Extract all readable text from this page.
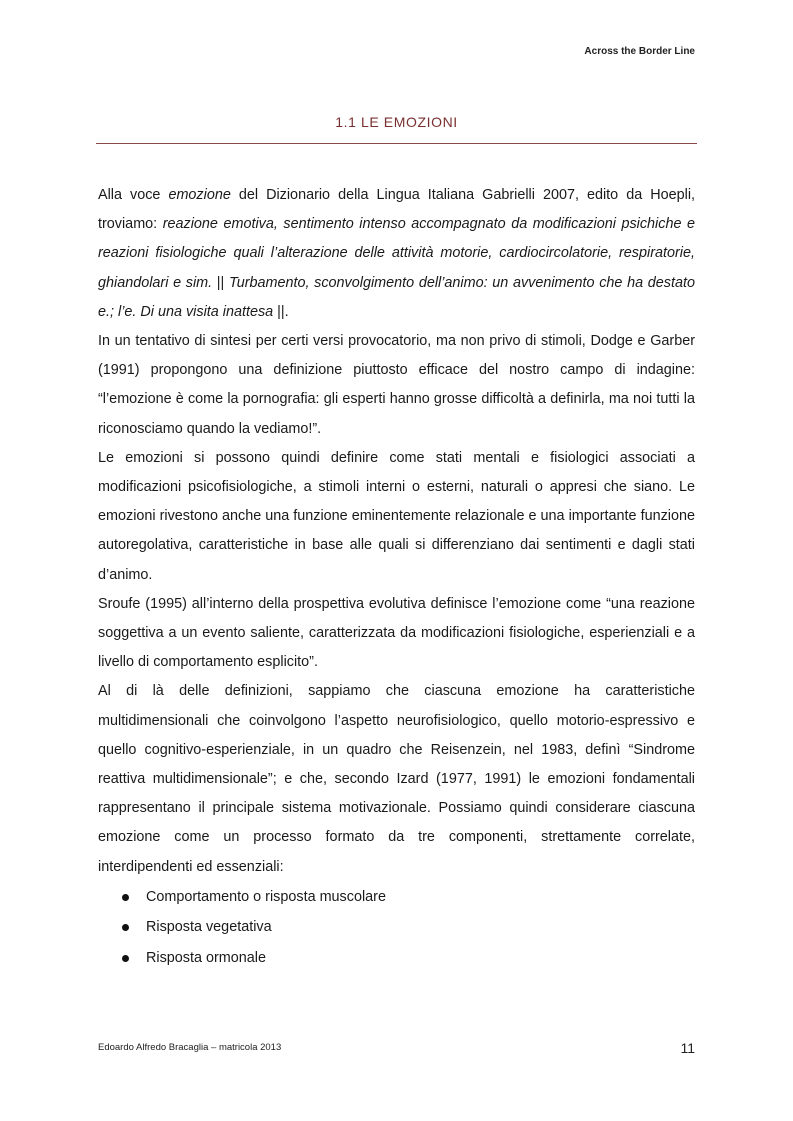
Across the Border Line
1.1 LE EMOZIONI

Alla voce emozione del Dizionario della Lingua Italiana Gabrielli 2007, edito da Hoepli, troviamo: reazione emotiva, sentimento intenso accompagnato da modificazioni psichiche e reazioni fisiologiche quali l’alterazione delle attività motorie, cardiocircolatorie, respiratorie, ghiandolari e sim. || Turbamento, sconvolgimento dell’animo: un avvenimento che ha destato e.; l’e. Di una visita inattesa ||.

In un tentativo di sintesi per certi versi provocatorio, ma non privo di stimoli, Dodge e Garber (1991) propongono una definizione piuttosto efficace del nostro campo di indagine: “l’emozione è come la pornografia: gli esperti hanno grosse difficoltà a definirla, ma noi tutti la riconosciamo quando la vediamo!”.

Le emozioni si possono quindi definire come stati mentali e fisiologici associati a modificazioni psicofisiologiche, a stimoli interni o esterni, naturali o appresi che siano. Le emozioni rivestono anche una funzione eminentemente relazionale e una importante funzione autoregolativa, caratteristiche in base alle quali si differenziano dai sentimenti e dagli stati d’animo.

Sroufe (1995) all’interno della prospettiva evolutiva definisce l’emozione come “una reazione soggettiva a un evento saliente, caratterizzata da modificazioni fisiologiche, esperienziali e a livello di comportamento esplicito”.

Al di là delle definizioni, sappiamo che ciascuna emozione ha caratteristiche multidimensionali che coinvolgono l’aspetto neurofisiologico, quello motorio-espressivo e quello cognitivo-esperienziale, in un quadro che Reisenzein, nel 1983, definì “Sindrome reattiva multidimensionale”; e che, secondo Izard (1977, 1991) le emozioni fondamentali rappresentano il principale sistema motivazionale. Possiamo quindi considerare ciascuna emozione come un processo formato da tre componenti, strettamente correlate, interdipendenti ed essenziali:

Comportamento o risposta muscolare
Risposta vegetativa
Risposta ormonale
Edoardo Alfredo Bracaglia – matricola 2013	11
